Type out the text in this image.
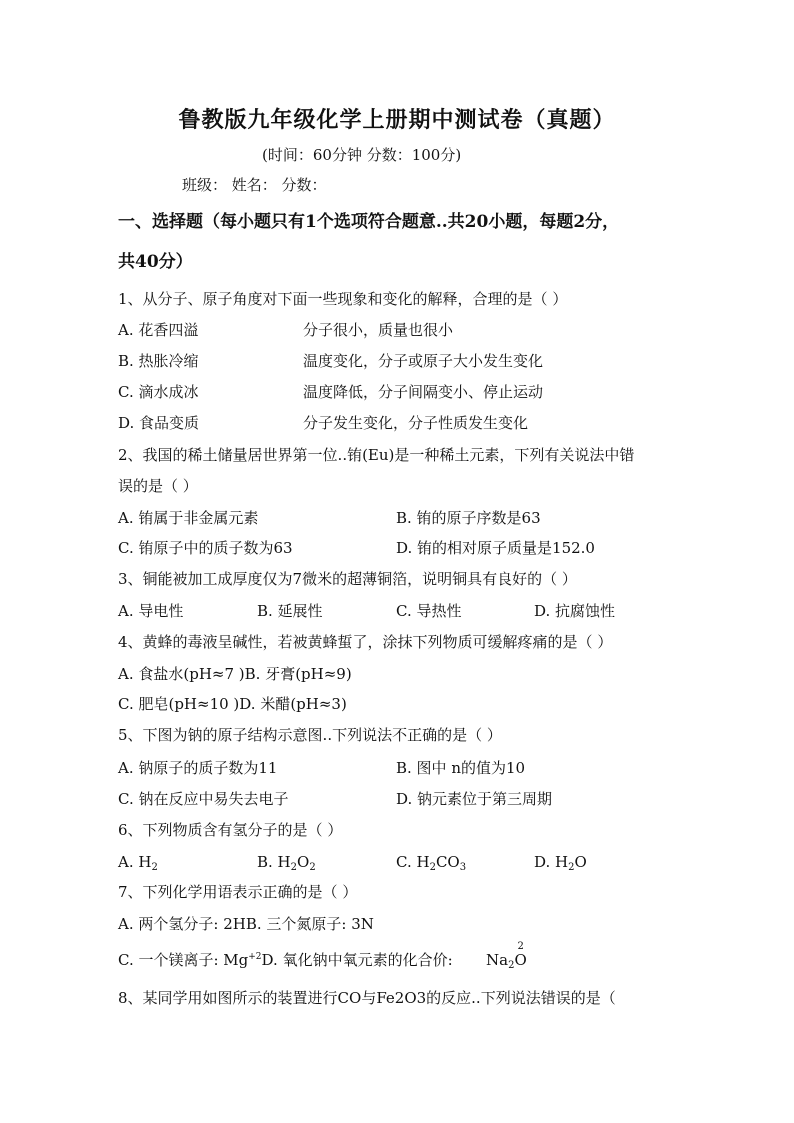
鲁教版九年级化学上册期中测试卷（真题）
(时间：60分钟 分数：100分)
班级： 姓名： 分数：
一、选择题（每小题只有1个选项符合题意..共20小题，每题2分，
共40分）
1、从分子、原子角度对下面一些现象和变化的解释，合理的是（ ）
A. 花香四溢	分子很小，质量也很小
B. 热胀冷缩	温度变化，分子或原子大小发生变化
C. 滴水成冰	温度降低，分子间隔变小、停止运动
D. 食品变质	分子发生变化，分子性质发生变化
2、我国的稀土储量居世界第一位..铕(Eu)是一种稀土元素，下列有关说法中错
误的是（ ）
A. 铕属于非金属元素	B. 铕的原子序数是63
C. 铕原子中的质子数为63	D. 铕的相对原子质量是152.0
3、铜能被加工成厚度仅为7微米的超薄铜箔，说明铜具有良好的（ ）
A. 导电性	B. 延展性	C. 导热性	D. 抗腐蚀性
4、黄蜂的毒液呈碱性，若被黄蜂蜇了，涂抹下列物质可缓解疼痛的是（ ）
A. 食盐水(pH≈7 )B. 牙膏(pH≈9)
C. 肥皂(pH≈10 )D. 米醋(pH≈3)
5、下图为钠的原子结构示意图..下列说法不正确的是（ ）
A. 钠原子的质子数为11	B. 图中 n的值为10
C. 钠在反应中易失去电子	D. 钠元素位于第三周期
6、下列物质含有氢分子的是（ ）
A. $H_2$	B. $H_2O_2$	C. $H_2CO_3$	D. $H_2O$
7、下列化学用语表示正确的是（ ）
A. 两个氢分子: 2HB. 三个氮原子: 3N
C. 一个镁离子: $Mg^{+2}D$. 氧化钠中氧元素的化合价: $Na_2$
2
O
8、某同学用如图所示的装置进行CO与Fe2O3的反应..下列说法错误的是（
